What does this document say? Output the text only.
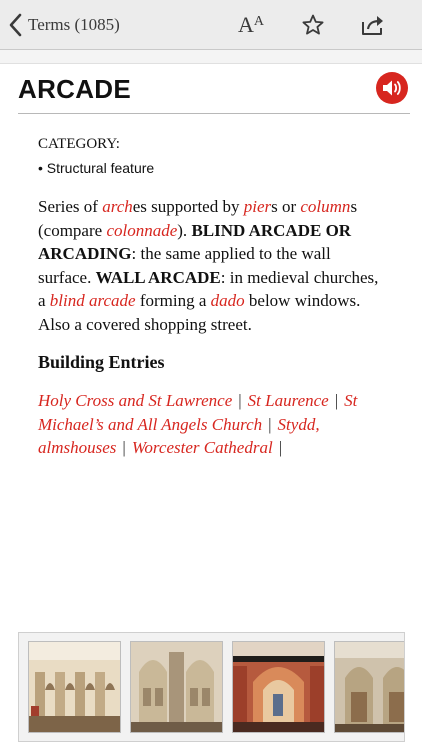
Terms (1085)	A A
ARCADE
CATEGORY:
• Structural feature

Series of arches supported by piers or columns (compare colonnade). BLIND ARCADE OR ARCADING: the same applied to the wall surface. WALL ARCADE: in medieval churches, a blind arcade forming a dado below windows. Also a covered shopping street.

Building Entries

Holy Cross and St Lawrence | St Laurence | St Michael’s and All Angels Church | Stydd, almshouses | Worcester Cathedral |
